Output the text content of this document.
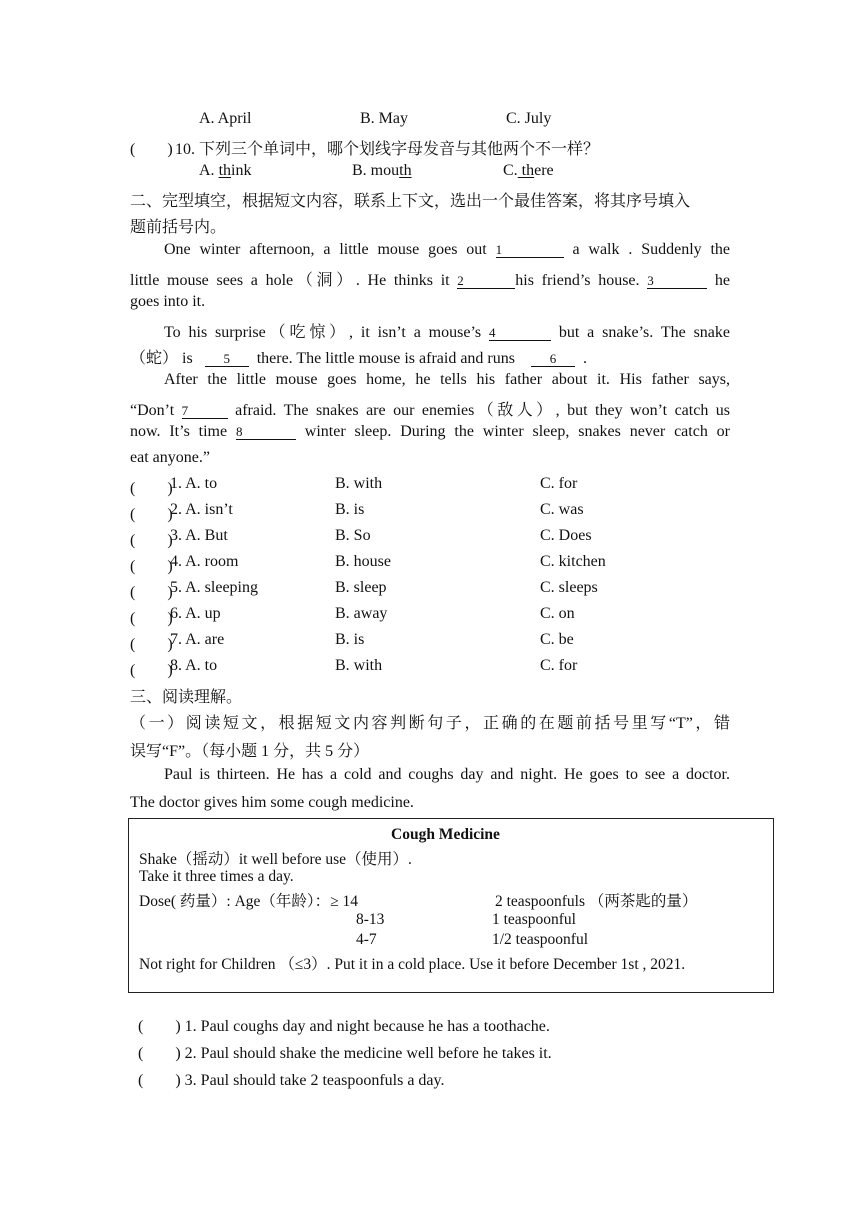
A. April	B. May	C. July
(　　) 10. 下列三个单词中，哪个划线字母发音与其他两个不一样？
A. think	B. mouth	C. there
二、完型填空，根据短文内容，联系上下文，选出一个最佳答案，将其序号填入
题前括号内。
One winter afternoon, a little mouse goes out 1	a walk . Suddenly the
little mouse sees a hole（洞）. He thinks it 2	his friend’s house. 3	he
goes into it.
To his surprise（吃惊）, it isn’t a mouse’s 4	but a snake’s. The snake
（蛇） is 5 there. The little mouse is afraid and runs	6 .
After the little mouse goes home, he tells his father about it. His father says,
“Don’t 7	afraid. The snakes are our enemies（敌人）, but they won’t catch us
now. It’s time 8	winter sleep. During the winter sleep, snakes never catch or
eat anyone.”
(　　)
1. A. to	B. with	C. for
(　　)
2. A. isn’t	B. is	C. was
(　　)
3. A. But	B. So	C. Does
(　　)
4. A. room	B. house	C. kitchen
(　　)
5. A. sleeping	B. sleep	C. sleeps
(　　)
6. A. up	B. away	C. on
(　　)
7. A. are	B. is	C. be
(　　)
8. A. to	B. with	C. for
三、阅读理解。
（一）阅读短文，根据短文内容判断句子，正确的在题前括号里写“T”，错
误写“F”。（每小题 1 分，共 5 分）
Paul is thirteen. He has a cold and coughs day and night. He goes to see a doctor.
The doctor gives him some cough medicine.
Cough Medicine
Shake（摇动）it well before use（使用）.
Take it three times a day.
Dose( 药量）: Age（年龄）：≥ 14	2 teaspoonfuls （两茶匙的量）
8-13	1 teaspoonful
4-7	1/2 teaspoonful
Not right for Children （≤3）. Put it in a cold place. Use it before December 1st , 2021.
(　　) 1. Paul coughs day and night because he has a toothache.
(　　) 2. Paul should shake the medicine well before he takes it.
(　　) 3. Paul should take 2 teaspoonfuls a day.
